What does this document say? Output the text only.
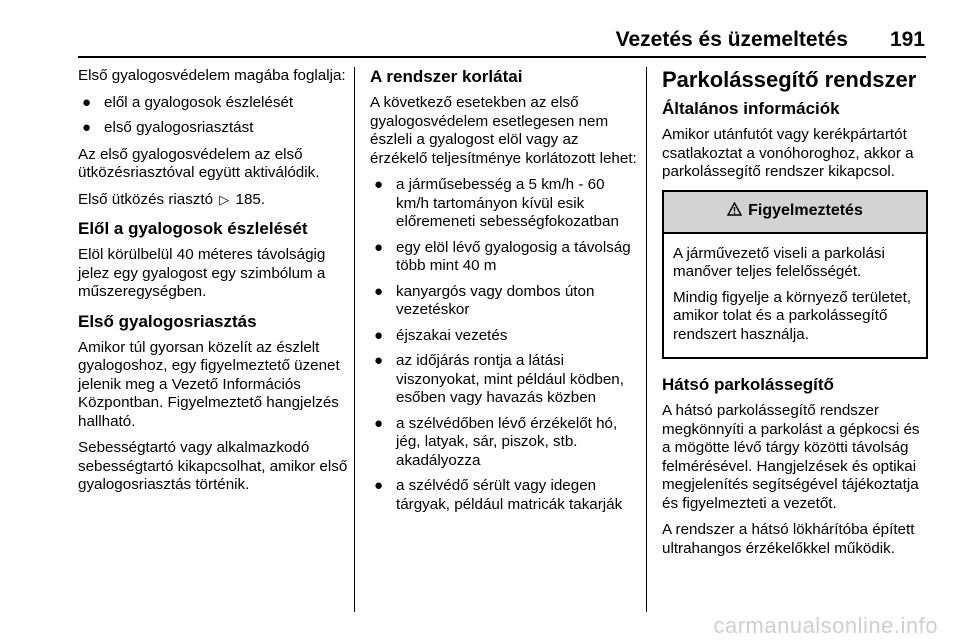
Vezetés és üzemeltetés 191

Első gyalogosvédelem magába foglalja:

● elől a gyalogosok észlelését
● első gyalogosriasztást

Az első gyalogosvédelem az első ütközésriasztóval együtt aktiválódik.

Első ütközés riasztó ▷ 185.

Elől a gyalogosok észlelését

Elöl körülbelül 40 méteres távolságig jelez egy gyalogost egy szimbólum a műszeregységben.

Első gyalogosriasztás

Amikor túl gyorsan közelít az észlelt gyalogoshoz, egy figyelmeztető üzenet jelenik meg a Vezető Információs Központban. Figyelmeztető hangjelzés hallható.

Sebességtartó vagy alkalmazkodó sebességtartó kikapcsolhat, amikor első gyalogosriasztás történik.

A rendszer korlátai

A következő esetekben az első gyalogosvédelem esetlegesen nem észleli a gyalogost elöl vagy az érzékelő teljesítménye korlátozott lehet:

● a járműsebesség a 5 km/h - 60 km/h tartományon kívül esik előremeneti sebességfokozatban
● egy elöl lévő gyalogosig a távolság több mint 40 m
● kanyargós vagy dombos úton vezetéskor
● éjszakai vezetés
● az időjárás rontja a látási viszonyokat, mint például ködben, esőben vagy havazás közben
● a szélvédőben lévő érzékelőt hó, jég, latyak, sár, piszok, stb. akadályozza
● a szélvédő sérült vagy idegen tárgyak, például matricák takarják
Parkolássegítő rendszer
Általános információk

Amikor utánfutót vagy kerékpártartót csatlakoztat a vonóhoroghoz, akkor a parkolássegítő rendszer kikapcsol.

Figyelmeztetés

A járművezető viseli a parkolási manőver teljes felelősségét.

Mindig figyelje a környező területet, amikor tolat és a parkolássegítő rendszert használja.

Hátsó parkolássegítő

A hátsó parkolássegítő rendszer megkönnyíti a parkolást a gépkocsi és a mögötte lévő tárgy közötti távolság felmérésével. Hangjelzések és optikai megjelenítés segítségével tájékoztatja és figyelmezteti a vezetőt.

A rendszer a hátsó lökhárítóba épített ultrahangos érzékelőkkel működik.

carmanualsonline.info
